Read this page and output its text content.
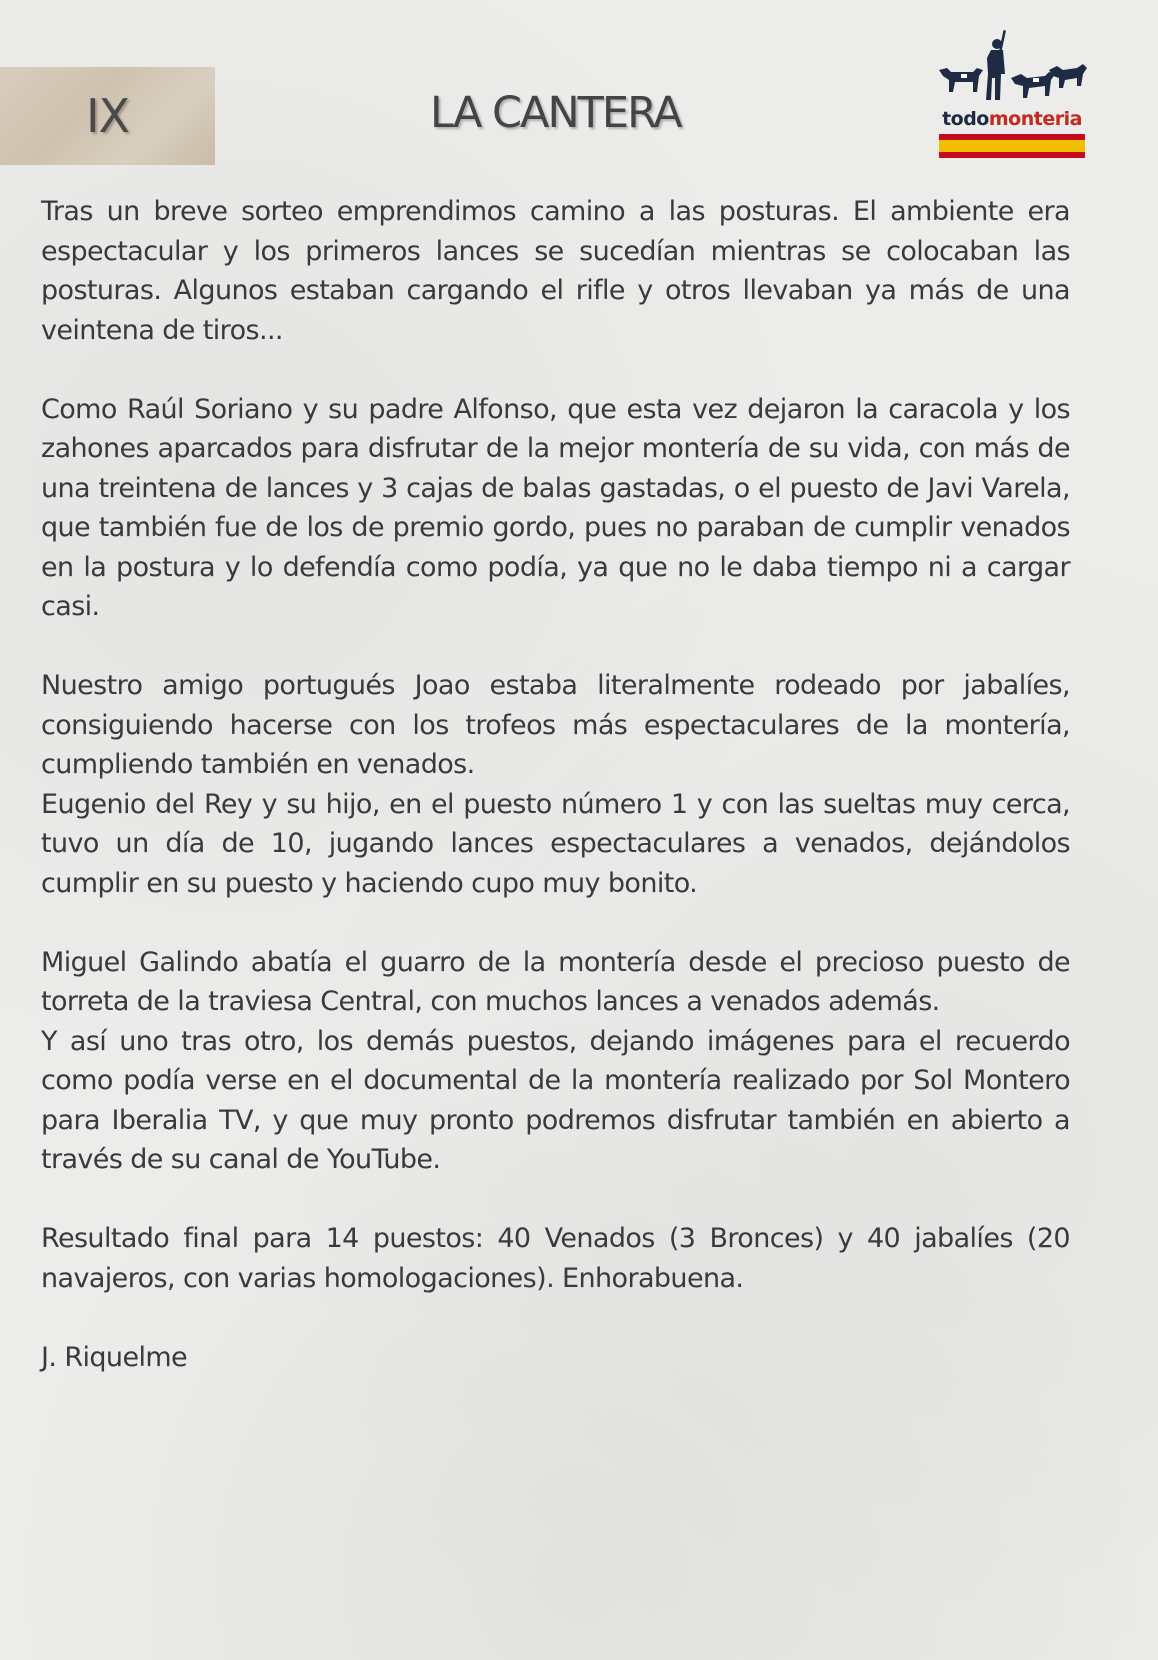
IX	LA CANTERA	todomonteria

Tras un breve sorteo emprendimos camino a las posturas. El ambiente era espectacular y los primeros lances se sucedían mientras se colocaban las posturas. Algunos estaban cargando el rifle y otros llevaban ya más de una veintena de tiros...

Como Raúl Soriano y su padre Alfonso, que esta vez dejaron la caracola y los zahones aparcados para disfrutar de la mejor montería de su vida, con más de una treintena de lances y 3 cajas de balas gastadas, o el puesto de Javi Varela, que también fue de los de premio gordo, pues no paraban de cumplir venados en la postura y lo defendía como podía, ya que no le daba tiempo ni a cargar casi.

Nuestro amigo portugués Joao estaba literalmente rodeado por jabalíes, consiguiendo hacerse con los trofeos más espectaculares de la montería, cumpliendo también en venados.

Eugenio del Rey y su hijo, en el puesto número 1 y con las sueltas muy cerca, tuvo un día de 10, jugando lances espectaculares a venados, dejándolos cumplir en su puesto y haciendo cupo muy bonito.

Miguel Galindo abatía el guarro de la montería desde el precioso puesto de torreta de la traviesa Central, con muchos lances a venados además.

Y así uno tras otro, los demás puestos, dejando imágenes para el recuerdo como podía verse en el documental de la montería realizado por Sol Montero para Iberalia TV, y que muy pronto podremos disfrutar también en abierto a través de su canal de YouTube.

Resultado final para 14 puestos: 40 Venados (3 Bronces) y 40 jabalíes (20 navajeros, con varias homologaciones). Enhorabuena.

J. Riquelme
